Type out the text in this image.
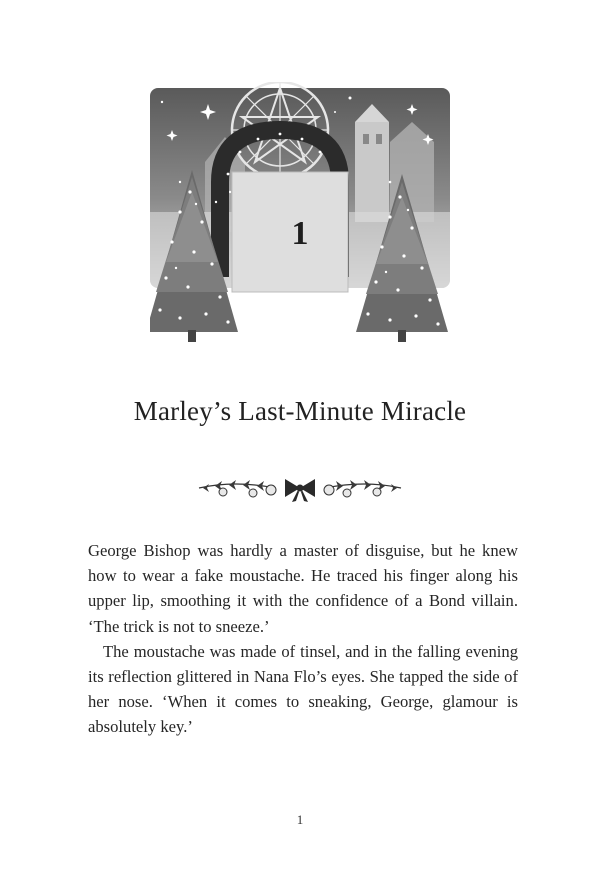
1
Marley’s Last-Minute Miracle

George Bishop was hardly a master of disguise, but he knew how to wear a fake moustache. He traced his finger along his upper lip, smoothing it with the confidence of a Bond villain. ‘The trick is not to sneeze.’

The moustache was made of tinsel, and in the falling evening its reflection glittered in Nana Flo’s eyes. She tapped the side of her nose. ‘When it comes to sneaking, George, glamour is absolutely key.’

1
